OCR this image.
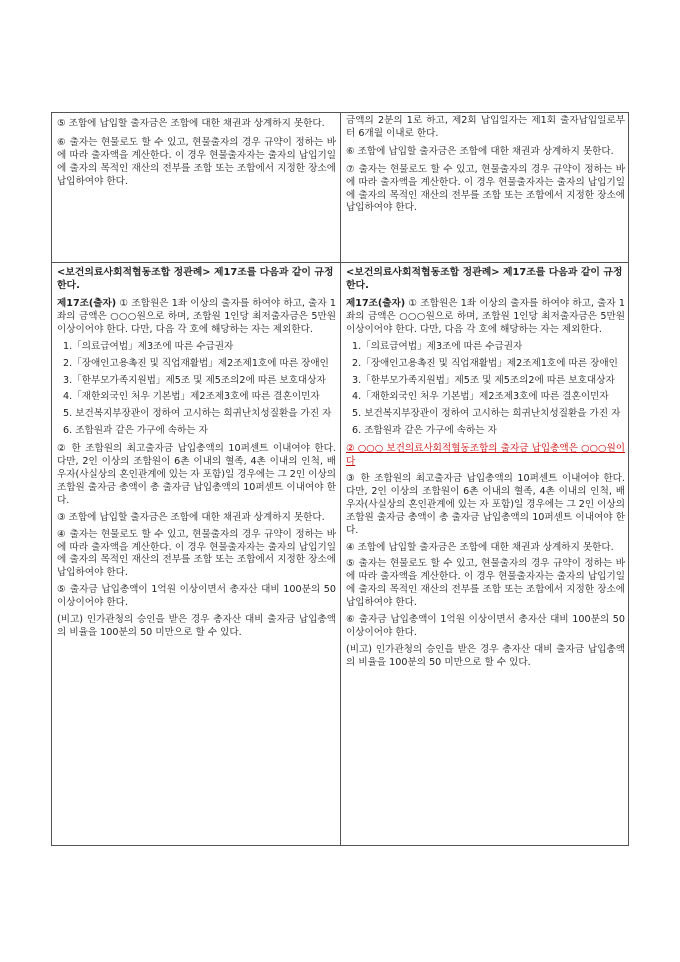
⑤ 조합에 납입할 출자금은 조합에 대한 채권과 상계하지 못한다.

⑥ 출자는 현물로도 할 수 있고, 현물출자의 경우 규약이 정하는 바에 따라 출자액을 계산한다. 이 경우 현물출자자는 출자의 납입기일에 출자의 목적인 재산의 전부를 조합 또는 조합에서 지정한 장소에 납입하여야 한다.

금액의 2분의 1로 하고, 제2회 납입일자는 제1회 출자납입일로부터 6개월 이내로 한다.

⑥ 조합에 납입할 출자금은 조합에 대한 채권과 상계하지 못한다.

⑦ 출자는 현물로도 할 수 있고, 현물출자의 경우 규약이 정하는 바에 따라 출자액을 계산한다. 이 경우 현물출자자는 출자의 납입기일에 출자의 목적인 재산의 전부를 조합 또는 조합에서 지정한 장소에 납입하여야 한다.

<보건의료사회적협동조합 정관례> 제17조를 다음과 같이 규정한다.

제17조(출자) ① 조합원은 1좌 이상의 출자를 하여야 하고, 출자 1좌의 금액은 ○○○원으로 하며, 조합원 1인당 최저출자금은 5만원 이상이어야 한다. 다만, 다음 각 호에 해당하는 자는 제외한다.

1.「의료급여법」제3조에 따른 수급권자

2.「장애인고용촉진 및 직업재활법」제2조제1호에 따른 장애인

3.「한부모가족지원법」제5조 및 제5조의2에 따른 보호대상자

4.「재한외국인 처우 기본법」제2조제3호에 따른 결혼이민자

5. 보건복지부장관이 정하여 고시하는 희귀난치성질환을 가진 자

6. 조합원과 같은 가구에 속하는 자

② 한 조합원의 최고출자금 납입총액의 10퍼센트 이내여야 한다. 다만, 2인 이상의 조합원이 6촌 이내의 혈족, 4촌 이내의 인척, 배우자(사실상의 혼인관계에 있는 자 포함)일 경우에는 그 2인 이상의 조합원 출자금 총액이 총 출자금 납입총액의 10퍼센트 이내여야 한다.

③ 조합에 납입할 출자금은 조합에 대한 채권과 상계하지 못한다.

④ 출자는 현물로도 할 수 있고, 현물출자의 경우 규약이 정하는 바에 따라 출자액을 계산한다. 이 경우 현물출자자는 출자의 납입기일에 출자의 목적인 재산의 전부를 조합 또는 조합에서 지정한 장소에 납입하여야 한다.

⑤ 출자금 납입총액이 1억원 이상이면서 총자산 대비 100분의 50 이상이어야 한다.

(비고) 인가관청의 승인을 받은 경우 총자산 대비 출자금 납입총액의 비율을 100분의 50 미만으로 할 수 있다.

<보건의료사회적협동조합 정관례> 제17조를 다음과 같이 규정한다.

제17조(출자) ① 조합원은 1좌 이상의 출자를 하여야 하고, 출자 1좌의 금액은 ○○○원으로 하며, 조합원 1인당 최저출자금은 5만원 이상이어야 한다. 다만, 다음 각 호에 해당하는 자는 제외한다.

1.「의료급여법」제3조에 따른 수급권자

2.「장애인고용촉진 및 직업재활법」제2조제1호에 따른 장애인

3.「한부모가족지원법」제5조 및 제5조의2에 따른 보호대상자

4.「재한외국인 처우 기본법」제2조제3호에 따른 결혼이민자

5. 보건복지부장관이 정하여 고시하는 희귀난치성질환을 가진 자

6. 조합원과 같은 가구에 속하는 자

② ○○○ 보건의료사회적협동조합의 출자금 납입총액은 ○○○원이다

③ 한 조합원의 최고출자금 납입총액의 10퍼센트 이내여야 한다. 다만, 2인 이상의 조합원이 6촌 이내의 혈족, 4촌 이내의 인척, 배우자(사실상의 혼인관계에 있는 자 포함)일 경우에는 그 2인 이상의 조합원 출자금 총액이 총 출자금 납입총액의 10퍼센트 이내여야 한다.

④ 조합에 납입할 출자금은 조합에 대한 채권과 상계하지 못한다.

⑤ 출자는 현물로도 할 수 있고, 현물출자의 경우 규약이 정하는 바에 따라 출자액을 계산한다. 이 경우 현물출자자는 출자의 납입기일에 출자의 목적인 재산의 전부를 조합 또는 조합에서 지정한 장소에 납입하여야 한다.

⑥ 출자금 납입총액이 1억원 이상이면서 총자산 대비 100분의 50 이상이어야 한다.

(비고) 인가관청의 승인을 받은 경우 총자산 대비 출자금 납입총액의 비율을 100분의 50 미만으로 할 수 있다.
